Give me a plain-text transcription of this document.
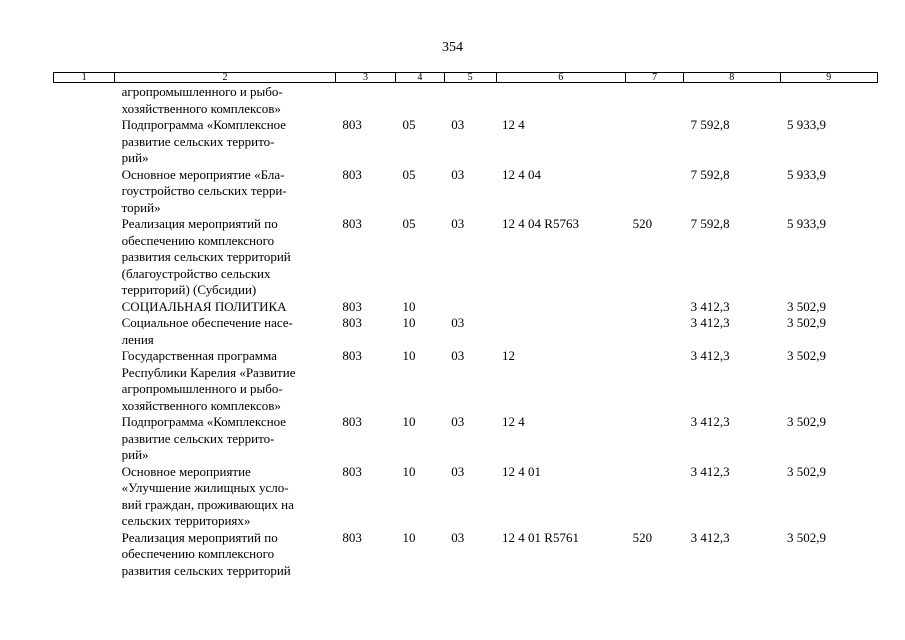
354
1	2	3	4	5	6	7	8	9
	агропромышленного и рыбо-
хозяйственного комплексов»							
	Подпрограмма «Комплексное
развитие сельских террито-
рий»	803	05	03	12 4		7 592,8	5 933,9
	Основное мероприятие «Бла-
гоустройство сельских терри-
торий»	803	05	03	12 4 04		7 592,8	5 933,9
	Реализация мероприятий по
обеспечению комплексного
развития сельских территорий
(благоустройство сельских
территорий) (Субсидии)	803	05	03	12 4 04 R5763	520	7 592,8	5 933,9
	СОЦИАЛЬНАЯ ПОЛИТИКА	803	10				3 412,3	3 502,9
	Социальное обеспечение насе-
ления	803	10	03			3 412,3	3 502,9
	Государственная программа
Республики Карелия «Развитие
агропромышленного и рыбо-
хозяйственного комплексов»	803	10	03	12		3 412,3	3 502,9
	Подпрограмма «Комплексное
развитие сельских террито-
рий»	803	10	03	12 4		3 412,3	3 502,9
	Основное мероприятие
«Улучшение жилищных усло-
вий граждан, проживающих на
сельских территориях»	803	10	03	12 4 01		3 412,3	3 502,9
	Реализация мероприятий по
обеспечению комплексного
развития сельских территорий	803	10	03	12 4 01 R5761	520	3 412,3	3 502,9
